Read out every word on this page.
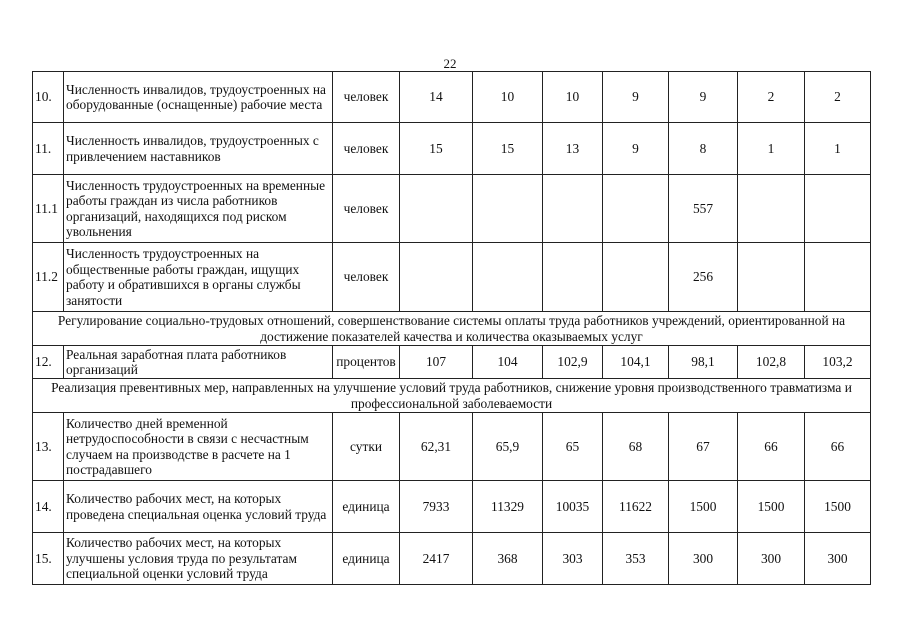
22
10.	Численность инвалидов, трудоустроенных на оборудованные (оснащенные) рабочие места	человек	14	10	10	9	9	2	2
11.	Численность инвалидов, трудоустроенных с привлечением наставников	человек	15	15	13	9	8	1	1
11.1	Численность трудоустроенных на временные работы граждан из числа работников организаций, находящихся под риском увольнения	человек					557		
11.2	Численность трудоустроенных на общественные работы граждан, ищущих работу и обратившихся в органы службы занятости	человек					256		
Регулирование социально-трудовых отношений, совершенствование системы оплаты труда работников учреждений, ориентированной на достижение показателей качества и количества оказываемых услуг									
12.	Реальная заработная плата работников организаций	процентов	107	104	102,9	104,1	98,1	102,8	103,2
Реализация превентивных мер, направленных на улучшение условий труда работников, снижение уровня производственного травматизма и профессиональной заболеваемости									
13.	Количество дней временной нетрудоспособности в связи с несчастным случаем на производстве в расчете на 1 пострадавшего	сутки	62,31	65,9	65	68	67	66	66
14.	Количество рабочих мест, на которых проведена специальная оценка условий труда	единица	7933	11329	10035	11622	1500	1500	1500
15.	Количество рабочих мест, на которых улучшены условия труда по результатам специальной оценки условий труда	единица	2417	368	303	353	300	300	300
